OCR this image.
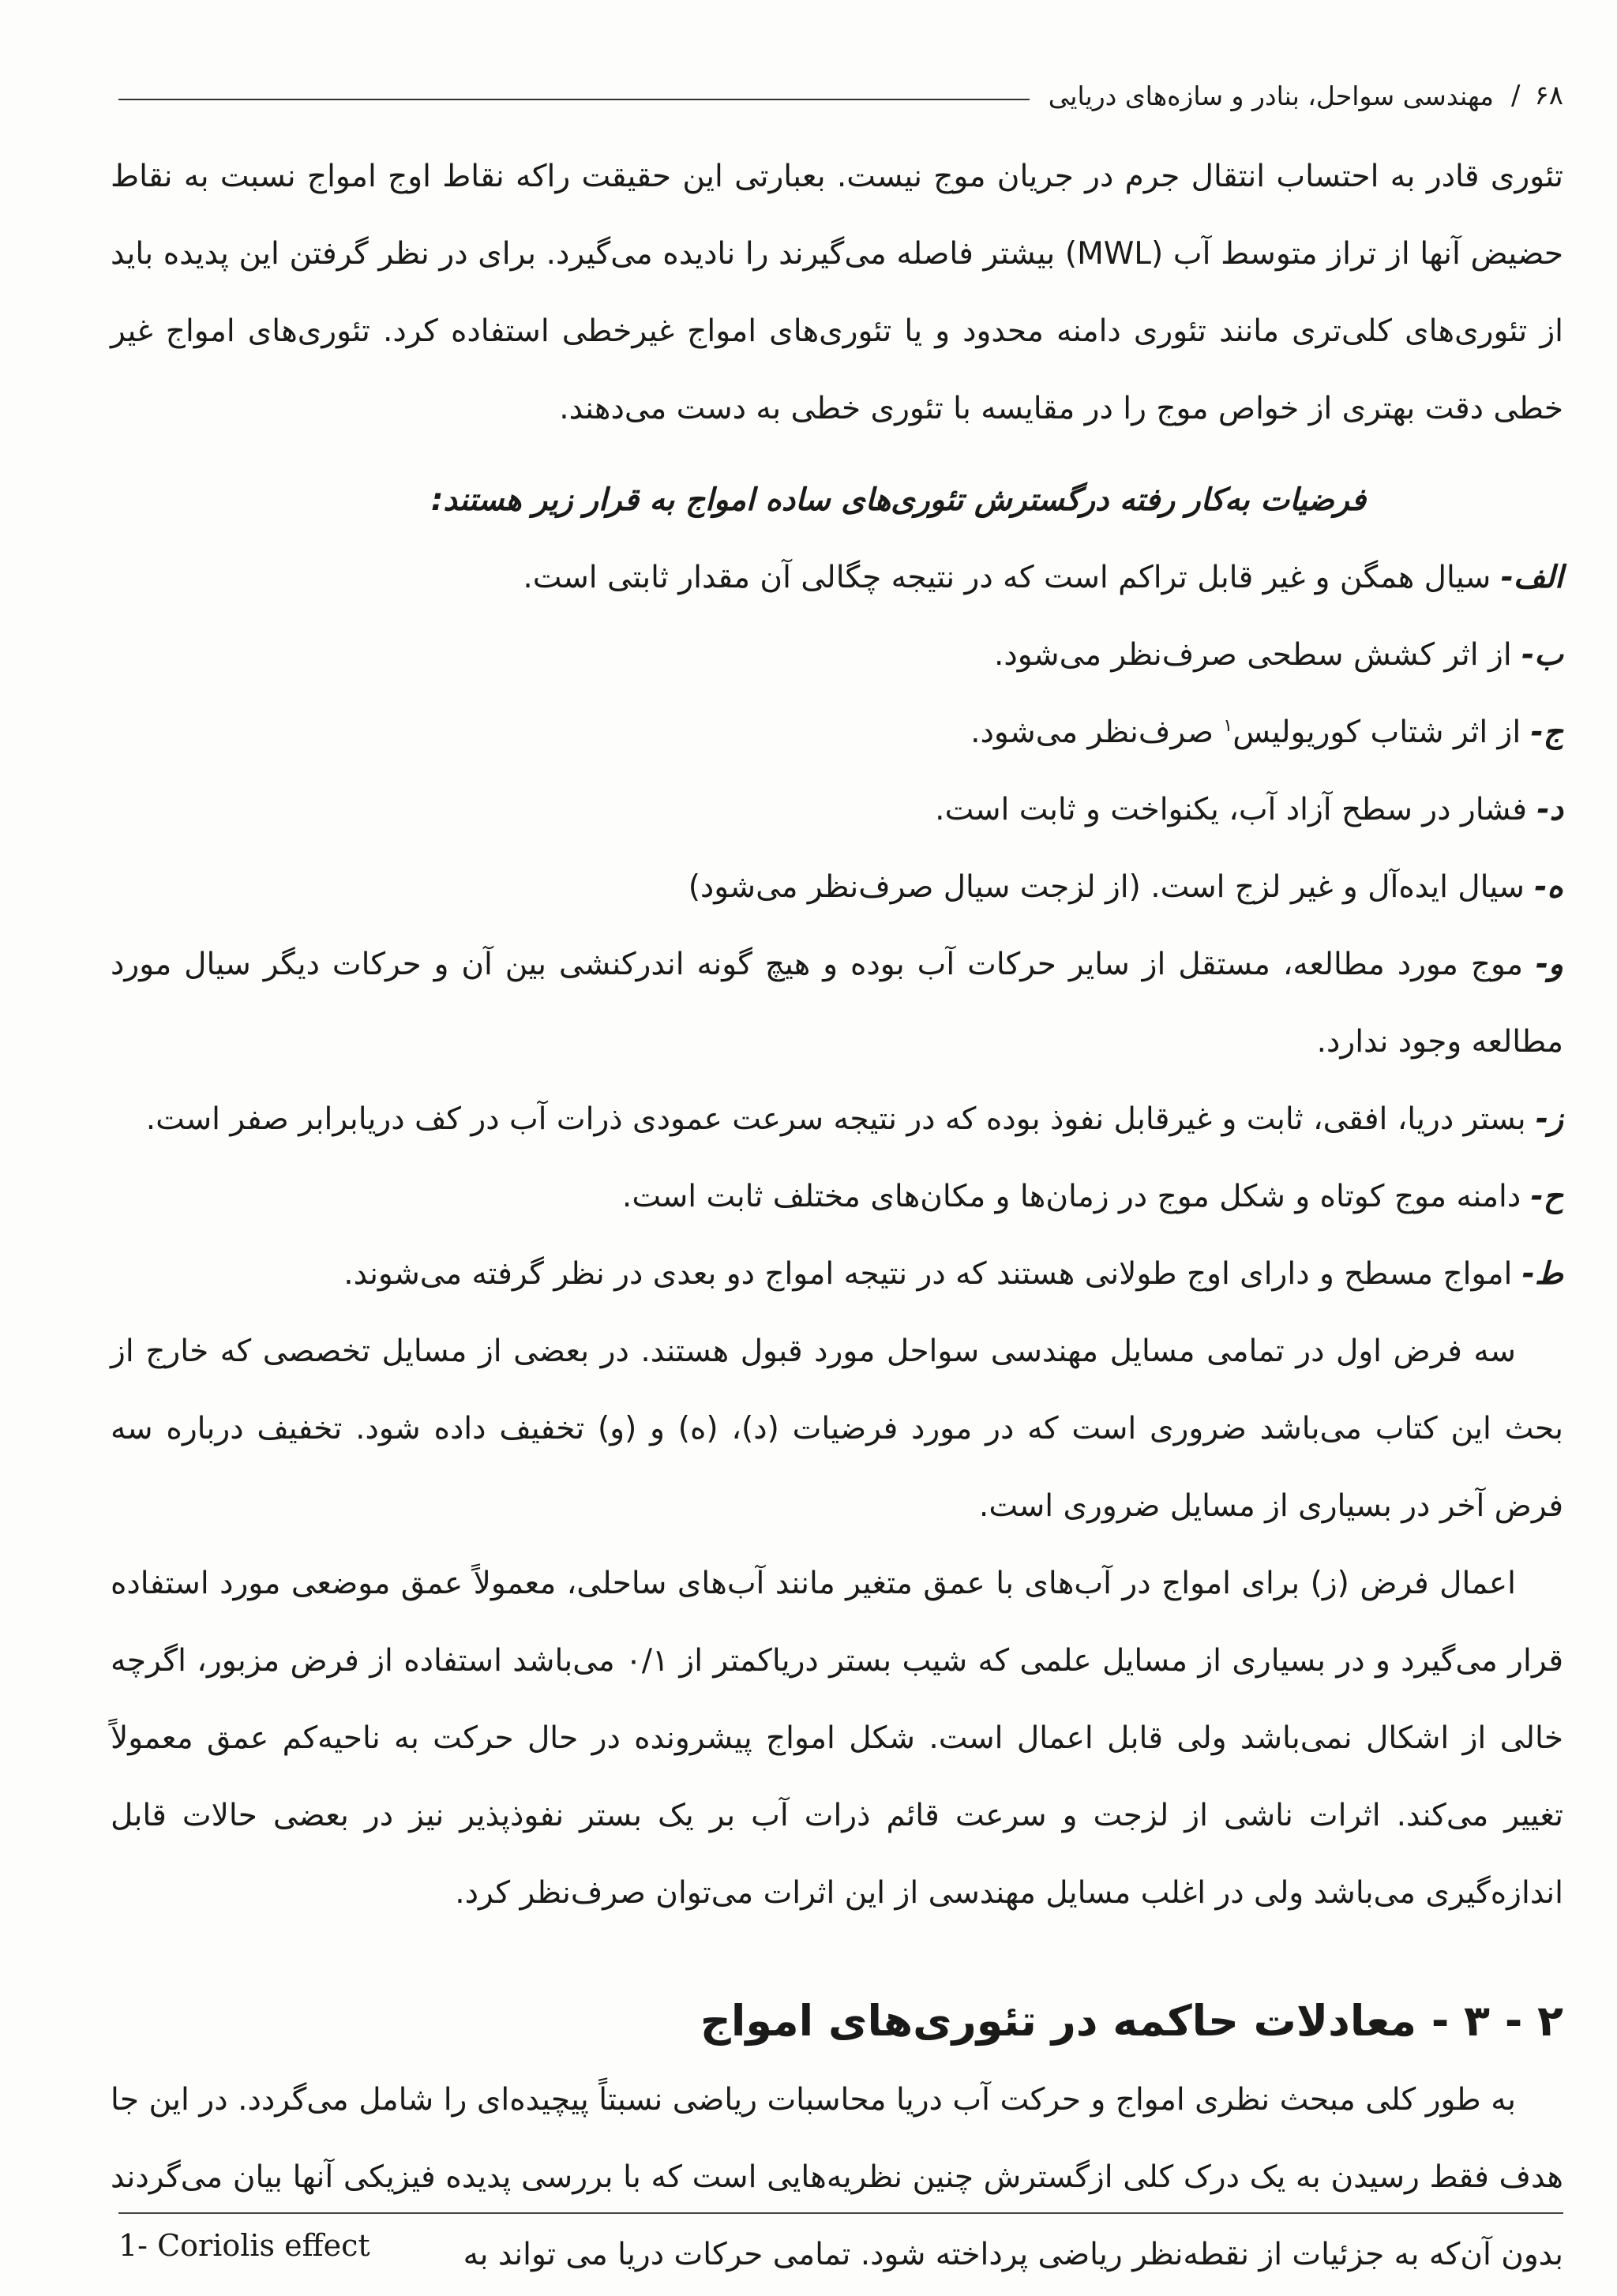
۶۸
/
مهندسی سواحل، بنادر و سازه‌های دریایی

تئوری قادر به احتساب انتقال جرم در جریان موج نیست. بعبارتی این حقیقت راکه نقاط اوج امواج نسبت به نقاط حضیض آنها از تراز متوسط آب (MWL) بیشتر فاصله می‌گیرند را نادیده می‌گیرد. برای در نظر گرفتن این پدیده باید از تئوری‌های کلی‌تری مانند تئوری دامنه محدود و یا تئوری‌های امواج غیرخطی استفاده کرد. تئوری‌های امواج غیر خطی دقت بهتری از خواص موج را در مقایسه با تئوری خطی به دست می‌دهند.

فرضیات به‌کار رفته درگسترش تئوری‌های ساده امواج به قرار زیر هستند:

الف- سیال همگن و غیر قابل تراکم است که در نتیجه چگالی آن مقدار ثابتی است.

ب- از اثر کشش سطحی صرف‌نظر می‌شود.

ج- از اثر شتاب کوریولیس$^۱$ صرف‌نظر می‌شود.

د- فشار در سطح آزاد آب، یکنواخت و ثابت است.

ه- سیال ایده‌آل و غیر لزج است. (از لزجت سیال صرف‌نظر می‌شود)

و- موج مورد مطالعه، مستقل از سایر حرکات آب بوده و هیچ گونه اندرکنشی بین آن و حرکات دیگر سیال مورد مطالعه وجود ندارد.

ز- بستر دریا، افقی، ثابت و غیرقابل نفوذ بوده که در نتیجه سرعت عمودی ذرات آب در کف دریابرابر صفر است.

ح- دامنه موج کوتاه و شکل موج در زمان‌ها و مکان‌های مختلف ثابت است.

ط- امواج مسطح و دارای اوج طولانی هستند که در نتیجه امواج دو بعدی در نظر گرفته می‌شوند.

سه فرض اول در تمامی مسایل مهندسی سواحل مورد قبول هستند. در بعضی از مسایل تخصصی که خارج از بحث این کتاب می‌باشد ضروری است که در مورد فرضیات (د)، (ه) و (و) تخفیف داده شود. تخفیف درباره سه فرض آخر در بسیاری از مسایل ضروری است.

اعمال فرض (ز) برای امواج در آب‌های با عمق متغیر مانند آب‌های ساحلی، معمولاً عمق موضعی مورد استفاده قرار می‌گیرد و در بسیاری از مسایل علمی که شیب بستر دریاکمتر از ۰/۱ می‌باشد استفاده از فرض مزبور، اگرچه خالی از اشکال نمی‌باشد ولی قابل اعمال است. شکل امواج پیشرونده در حال حرکت به ناحیه‌کم عمق معمولاً تغییر می‌کند. اثرات ناشی از لزجت و سرعت قائم ذرات آب بر یک بستر نفوذپذیر نیز در بعضی حالات قابل اندازه‌گیری می‌باشد ولی در اغلب مسایل مهندسی از این اثرات می‌توان صرف‌نظر کرد.

۲ - ۳ - معادلات حاکمه در تئوری‌های امواج

به طور کلی مبحث نظری امواج و حرکت آب دریا محاسبات ریاضی نسبتاً پیچیده‌ای را شامل می‌گردد. در این جا هدف فقط رسیدن به یک درک کلی ازگسترش چنین نظریه‌هایی است که با بررسی پدیده فیزیکی آنها بیان می‌گردند بدون آن‌که به جزئیات از نقطه‌نظر ریاضی پرداخته شود. تمامی حرکات دریا می تواند به

1- Coriolis effect
